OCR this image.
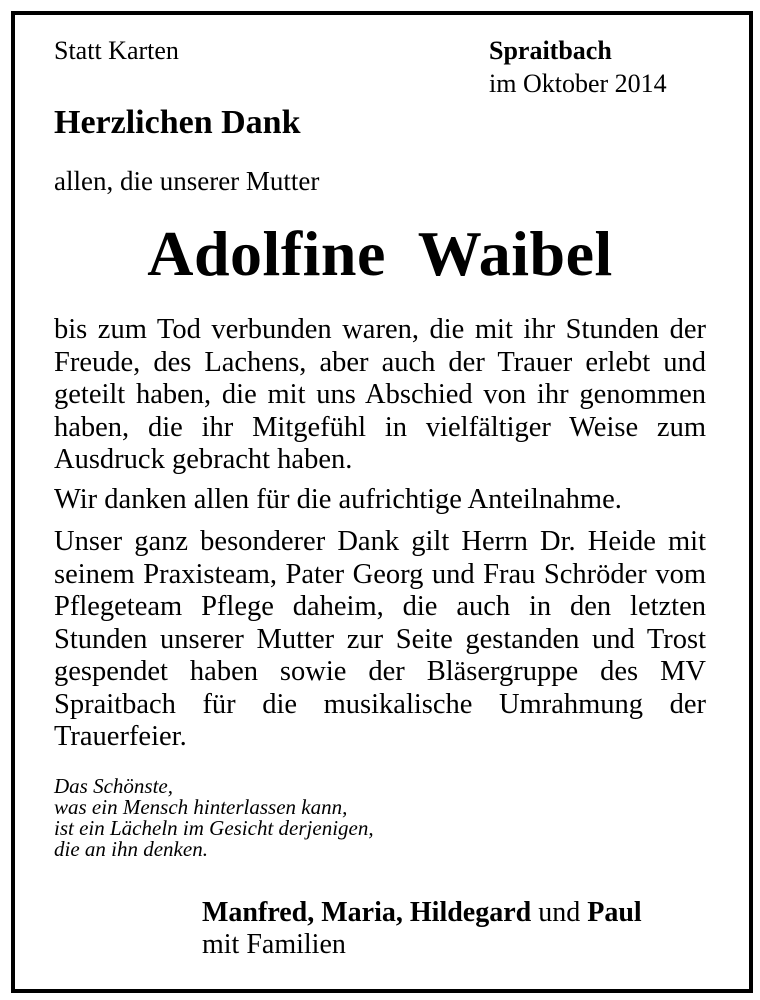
Statt Karten	Spraitbach
im Oktober 2014
Herzlichen Dank
allen, die unserer Mutter
Adolfine  Waibel
bis zum Tod verbunden waren, die mit ihr Stunden der Freude, des Lachens, aber auch der Trauer erlebt und geteilt haben, die mit uns Abschied von ihr genommen haben, die ihr Mitgefühl in vielfältiger Weise zum Ausdruck gebracht haben.
Wir danken allen für die aufrichtige Anteilnahme.
Unser ganz besonderer Dank gilt Herrn Dr. Heide mit seinem Praxisteam, Pater Georg und Frau Schröder vom Pflegeteam Pflege daheim, die auch in den letzten Stunden unserer Mutter zur Seite gestanden und Trost gespendet haben sowie der Bläsergruppe des MV Spraitbach für die musikalische Umrahmung der Trauerfeier.
Das Schönste,
was ein Mensch hinterlassen kann,
ist ein Lächeln im Gesicht derjenigen,
die an ihn denken.
Manfred, Maria, Hildegard und Paul
mit Familien
